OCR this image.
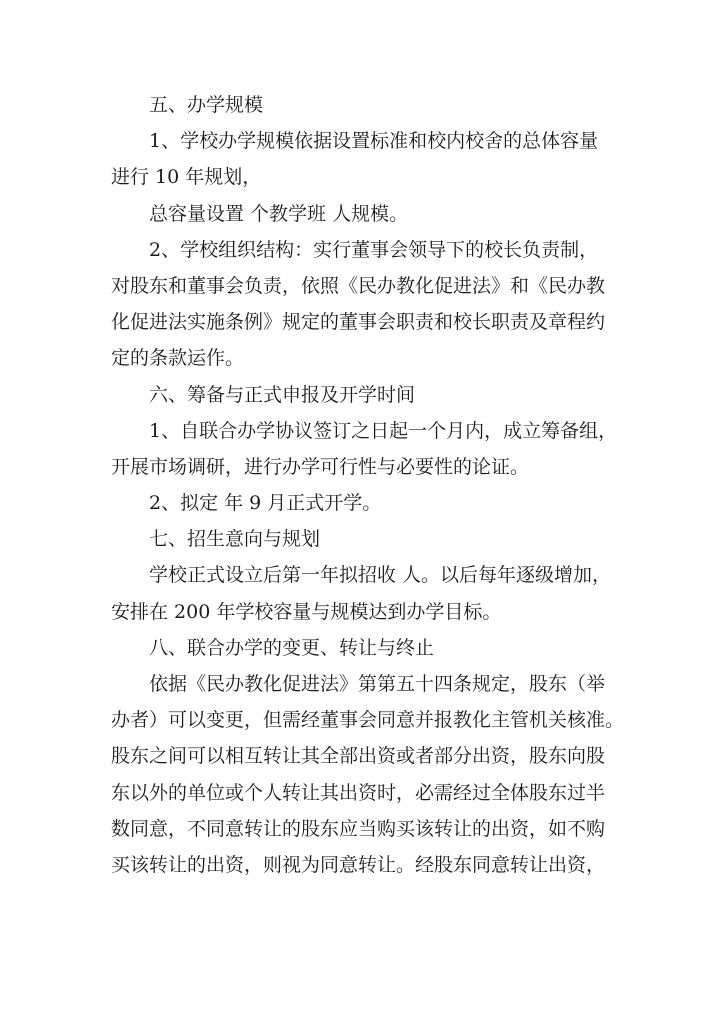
五、办学规模
1、学校办学规模依据设置标准和校内校舍的总体容量
进行 10 年规划，
总容量设置 个教学班 人规模。
2、学校组织结构：实行董事会领导下的校长负责制，
对股东和董事会负责，依照《民办教化促进法》和《民办教
化促进法实施条例》规定的董事会职责和校长职责及章程约
定的条款运作。
六、筹备与正式申报及开学时间
1、自联合办学协议签订之日起一个月内，成立筹备组，
开展市场调研，进行办学可行性与必要性的论证。
2、拟定 年 9 月正式开学。
七、招生意向与规划
学校正式设立后第一年拟招收 人。以后每年逐级增加，
安排在 200 年学校容量与规模达到办学目标。
八、联合办学的变更、转让与终止
依据《民办教化促进法》第第五十四条规定，股东（举
办者）可以变更，但需经董事会同意并报教化主管机关核准。
股东之间可以相互转让其全部出资或者部分出资，股东向股
东以外的单位或个人转让其出资时，必需经过全体股东过半
数同意，不同意转让的股东应当购买该转让的出资，如不购
买该转让的出资，则视为同意转让。经股东同意转让出资，
